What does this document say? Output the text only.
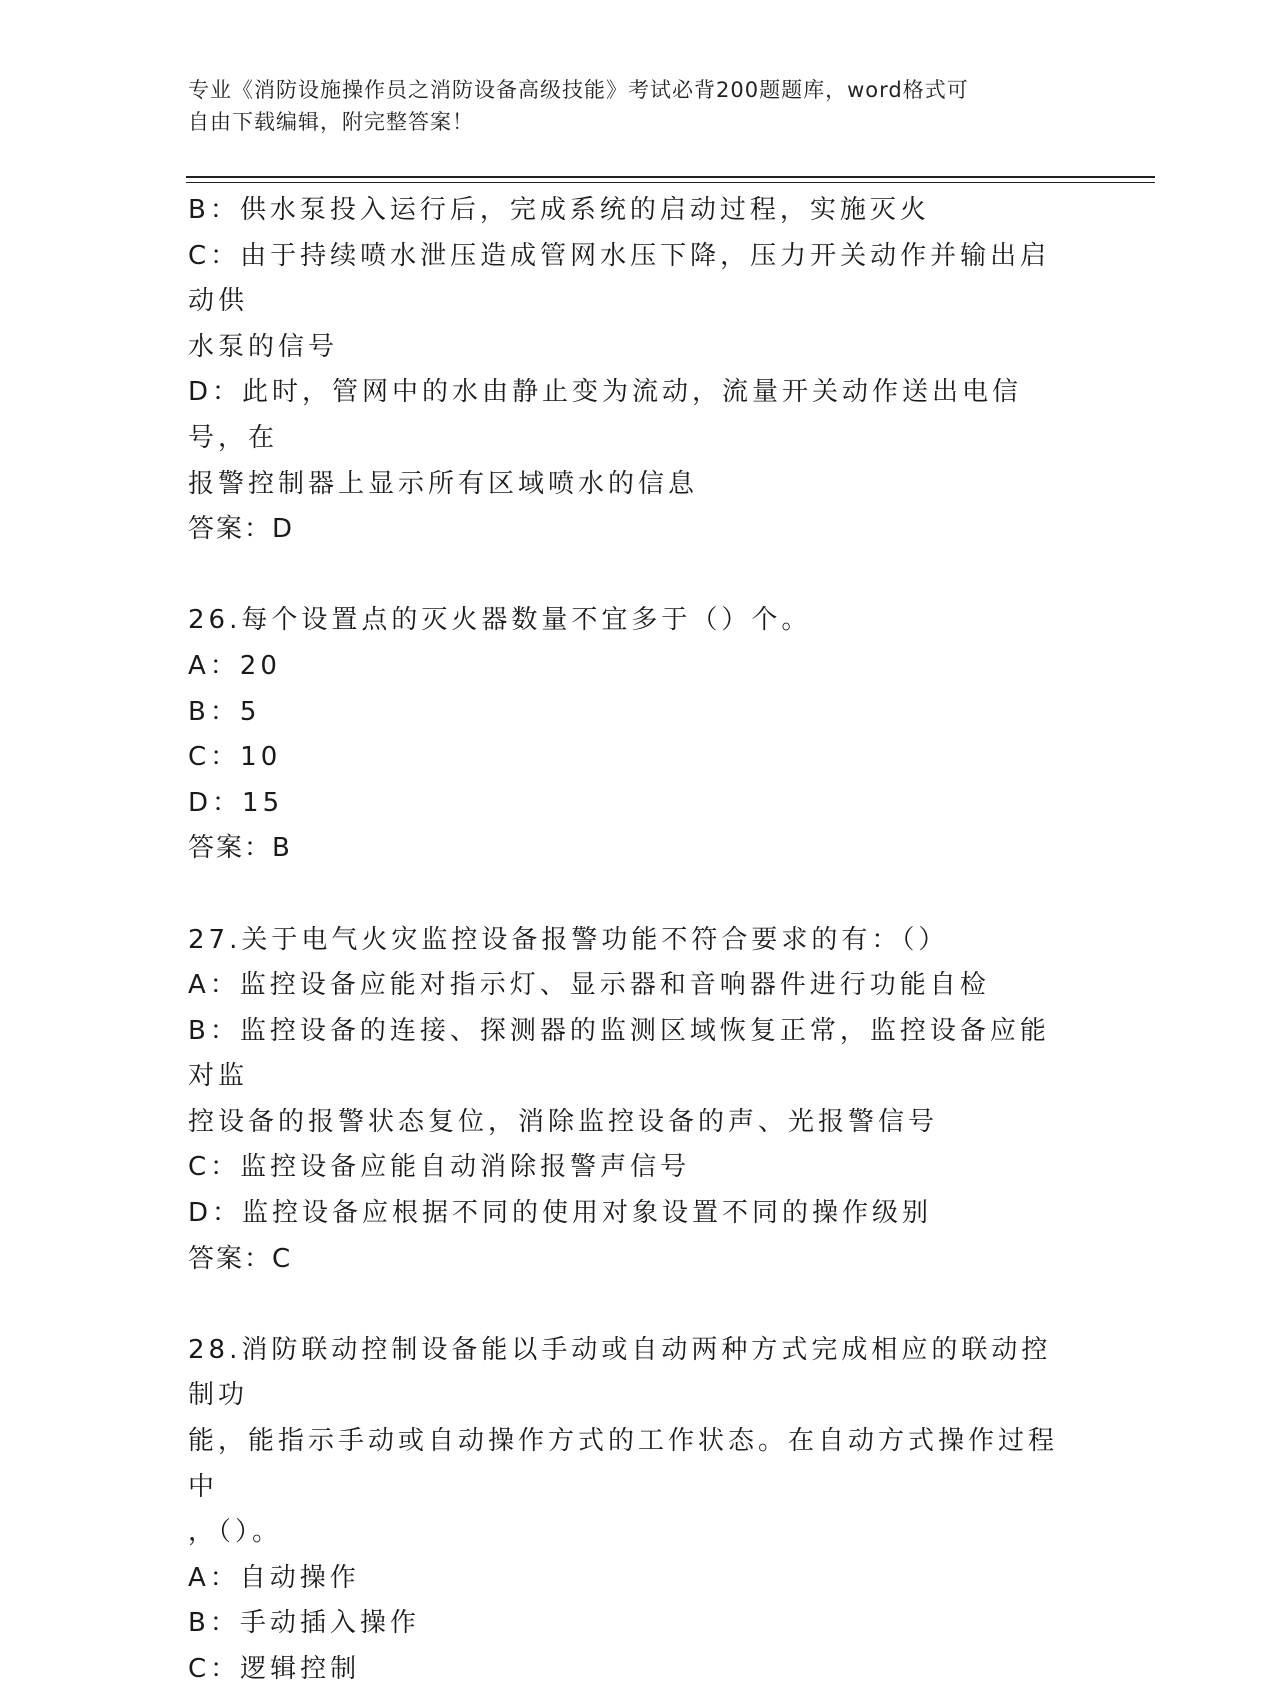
专业《消防设施操作员之消防设备高级技能》考试必背200题题库，word格式可
自由下载编辑，附完整答案！
B：供水泵投入运行后，完成系统的启动过程，实施灭火
C：由于持续喷水泄压造成管网水压下降，压力开关动作并输出启动供
水泵的信号
D：此时，管网中的水由静止变为流动，流量开关动作送出电信号，在
报警控制器上显示所有区域喷水的信息
答案：D
26.每个设置点的灭火器数量不宜多于（）个。
A：20
B：5
C：10
D：15
答案：B
27.关于电气火灾监控设备报警功能不符合要求的有：（）
A：监控设备应能对指示灯、显示器和音响器件进行功能自检
B：监控设备的连接、探测器的监测区域恢复正常，监控设备应能对监
控设备的报警状态复位，消除监控设备的声、光报警信号
C：监控设备应能自动消除报警声信号
D：监控设备应根据不同的使用对象设置不同的操作级别
答案：C
28.消防联动控制设备能以手动或自动两种方式完成相应的联动控制功
能，能指示手动或自动操作方式的工作状态。在自动方式操作过程中
，（）。
A：自动操作
B：手动插入操作
C：逻辑控制
